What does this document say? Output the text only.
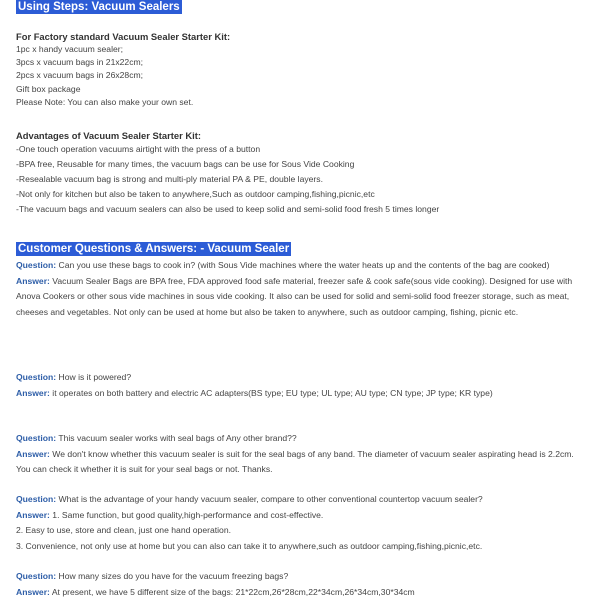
Using Steps: Vacuum Sealers

For Factory standard Vacuum Sealer Starter Kit:

1pc x handy vacuum sealer;

3pcs x vacuum bags in 21x22cm;

2pcs x vacuum bags in 26x28cm;

Gift box package

Please Note: You can also make your own set.

Advantages of Vacuum Sealer Starter Kit:

-One touch operation vacuums airtight with the press of a button

-BPA free, Reusable for many times, the vacuum bags can be use for Sous Vide Cooking

-Resealable vacuum bag is strong and multi-ply material PA & PE, double layers.

-Not only for kitchen but also be taken to anywhere,Such as outdoor camping,fishing,picnic,etc

-The vacuum bags and vacuum sealers can also be used to keep solid and semi-solid food fresh 5 times longer

Customer Questions & Answers: - Vacuum Sealer

Question: Can you use these bags to cook in? (with Sous Vide machines where the water heats up and the contents of the bag are cooked)

Answer: Vacuum Sealer Bags are BPA free, FDA approved food safe material, freezer safe & cook safe(sous vide cooking). Designed for use with Anova Cookers or other sous vide machines in sous vide cooking. It also can be used for solid and semi-solid food freezer storage, such as meat, cheeses and vegetables. Not only can be used at home but also be taken to anywhere, such as outdoor camping, fishing, picnic etc.

Question: How is it powered?

Answer: it operates on both battery and electric AC adapters(BS type; EU type; UL type; AU type; CN type; JP type; KR type)

Question: This vacuum sealer works with seal bags of Any other brand??

Answer: We don't know whether this vacuum sealer is suit for the seal bags of any band. The diameter of vacuum sealer aspirating head is 2.2cm. You can check it whether it is suit for your seal bags or not. Thanks.

Question: What is the advantage of your handy vacuum sealer, compare to other conventional countertop vacuum sealer?

Answer: 1. Same function, but good quality,high-performance and cost-effective.

2. Easy to use, store and clean, just one hand operation.

3. Convenience, not only use at home but you can also can take it to anywhere,such as outdoor camping,fishing,picnic,etc.

Question: How many sizes do you have for the vacuum freezing bags?

Answer: At present, we have 5 different size of the bags: 21*22cm,26*28cm,22*34cm,26*34cm,30*34cm
